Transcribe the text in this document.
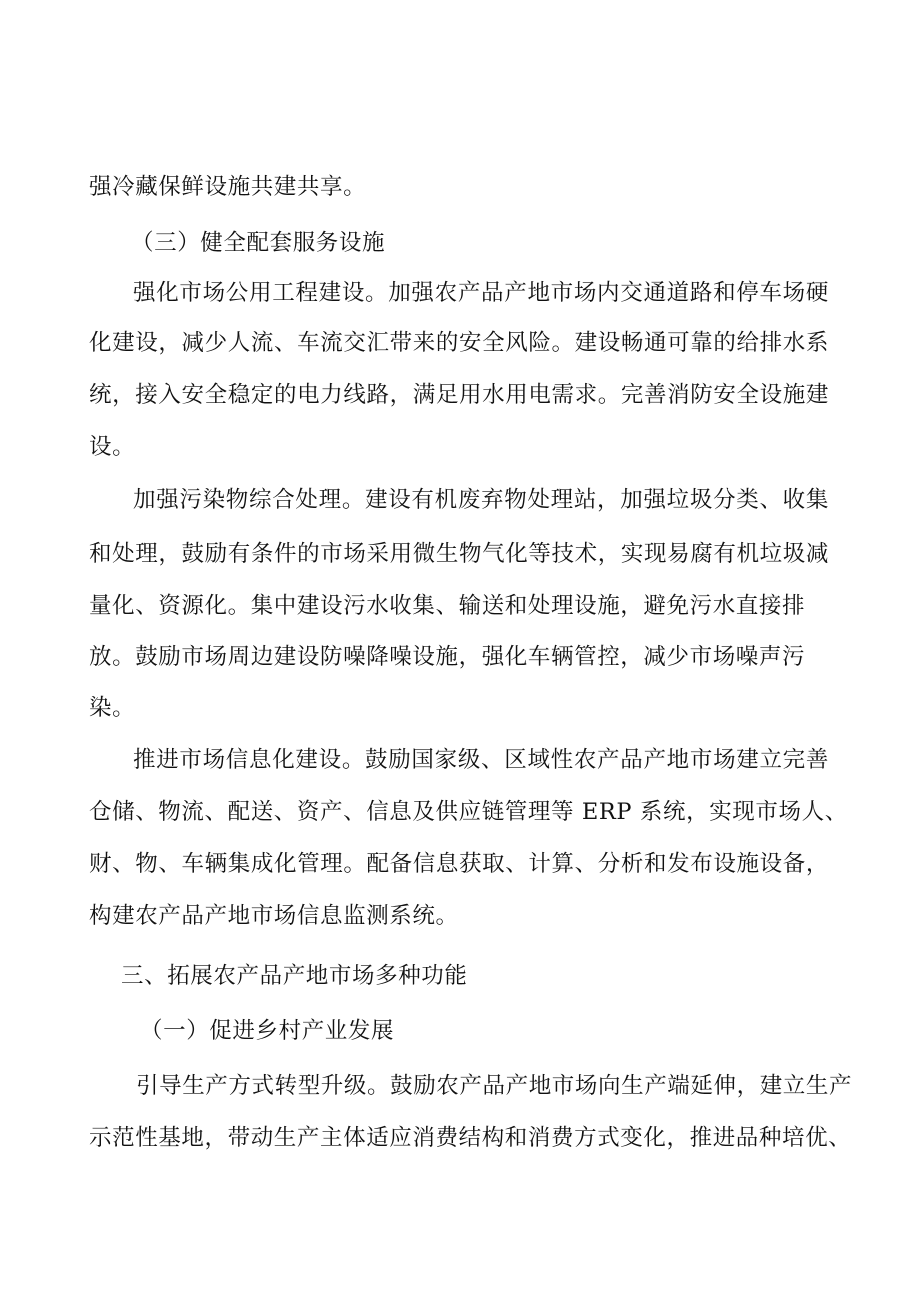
强冷藏保鲜设施共建共享。
（三）健全配套服务设施
强化市场公用工程建设。加强农产品产地市场内交通道路和停车场硬
化建设，减少人流、车流交汇带来的安全风险。建设畅通可靠的给排水系
统，接入安全稳定的电力线路，满足用水用电需求。完善消防安全设施建
设。
加强污染物综合处理。建设有机废弃物处理站，加强垃圾分类、收集
和处理，鼓励有条件的市场采用微生物气化等技术，实现易腐有机垃圾减
量化、资源化。集中建设污水收集、输送和处理设施，避免污水直接排
放。鼓励市场周边建设防噪降噪设施，强化车辆管控，减少市场噪声污
染。
推进市场信息化建设。鼓励国家级、区域性农产品产地市场建立完善
仓储、物流、配送、资产、信息及供应链管理等 ERP 系统，实现市场人、
财、物、车辆集成化管理。配备信息获取、计算、分析和发布设施设备，
构建农产品产地市场信息监测系统。
三、拓展农产品产地市场多种功能
（一）促进乡村产业发展
引导生产方式转型升级。鼓励农产品产地市场向生产端延伸，建立生产
示范性基地，带动生产主体适应消费结构和消费方式变化，推进品种培优、
